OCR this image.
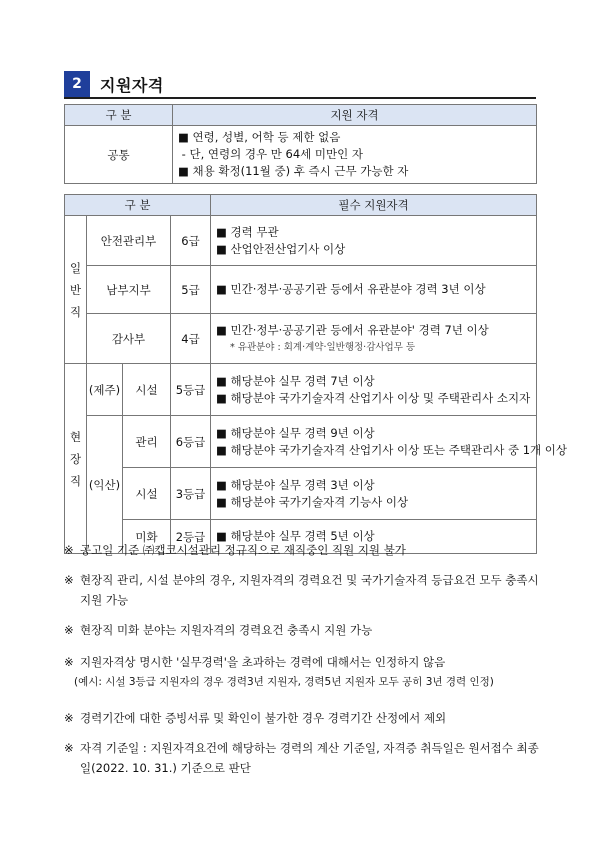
2	지원자격
구 분	지원 자격
공통	■ 연령, 성별, 어학 등 제한 없음
- 단, 연령의 경우 만 64세 미만인 자
■ 채용 확정(11월 중) 후 즉시 근무 가능한 자
구 분				필수 지원자격

일
반
직	안전관리부		6급	■ 경력 무관
■ 산업안전산업기사 이상

	남부지부		5급	■ 민간·정부·공공기관 등에서 유관분야 경력 3년 이상

	감사부		4급	■ 민간·정부·공공기관 등에서 유관분야' 경력 7년 이상
* 유관분야 : 회계·계약·일반행정·감사업무 등

현
장
직	(제주)	시설	5등급	■ 해당분야 실무 경력 7년 이상
■ 해당분야 국가기술자격 산업기사 이상 및 주택관리사 소지자

	(익산)	관리	6등급	■ 해당분야 실무 경력 9년 이상
■ 해당분야 국가기술자격 산업기사 이상 또는 주택관리사 중 1개 이상

		시설	3등급	■ 해당분야 실무 경력 3년 이상
■ 해당분야 국가기술자격 기능사 이상

		미화	2등급	■ 해당분야 실무 경력 5년 이상
※ 공고일 기준 ㈜캡코시설관리 정규직으로 재직중인 직원 지원 불가
※ 현장직 관리, 시설 분야의 경우, 지원자격의 경력요건 및 국가기술자격 등급요건 모두 충족시 지원 가능
※ 현장직 미화 분야는 지원자격의 경력요건 충족시 지원 가능
※ 지원자격상 명시한 '실무경력'을 초과하는 경력에 대해서는 인정하지 않음
(예시: 시설 3등급 지원자의 경우 경력3년 지원자, 경력5년 지원자 모두 공히 3년 경력 인정)
※ 경력기간에 대한 증빙서류 및 확인이 불가한 경우 경력기간 산정에서 제외
※ 자격 기준일 : 지원자격요건에 해당하는 경력의 계산 기준일, 자격증 취득일은 원서접수 최종일(2022. 10. 31.) 기준으로 판단
